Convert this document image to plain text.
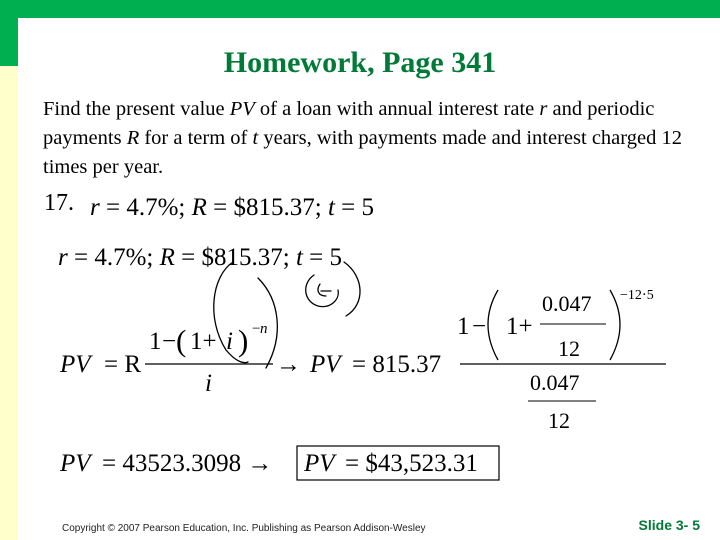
Homework, Page 341
Find the present value PV of a loan with annual interest rate r and periodic payments R for a term of t years, with payments made and interest charged 12 times per year.
17. r = 4.7%; R = $815.37; t = 5
r = 4.7%; R = $815.37; t = 5
PV = R
1 − ( 1+ i ) − n
i
→ PV = 815.37
1 − 1+
0.047
12
−12⋅5
0.047
12
PV = 43523.3098 → PV = $43,523.31
Copyright © 2007 Pearson Education, Inc. Publishing as Pearson Addison-Wesley	Slide 3- 5
